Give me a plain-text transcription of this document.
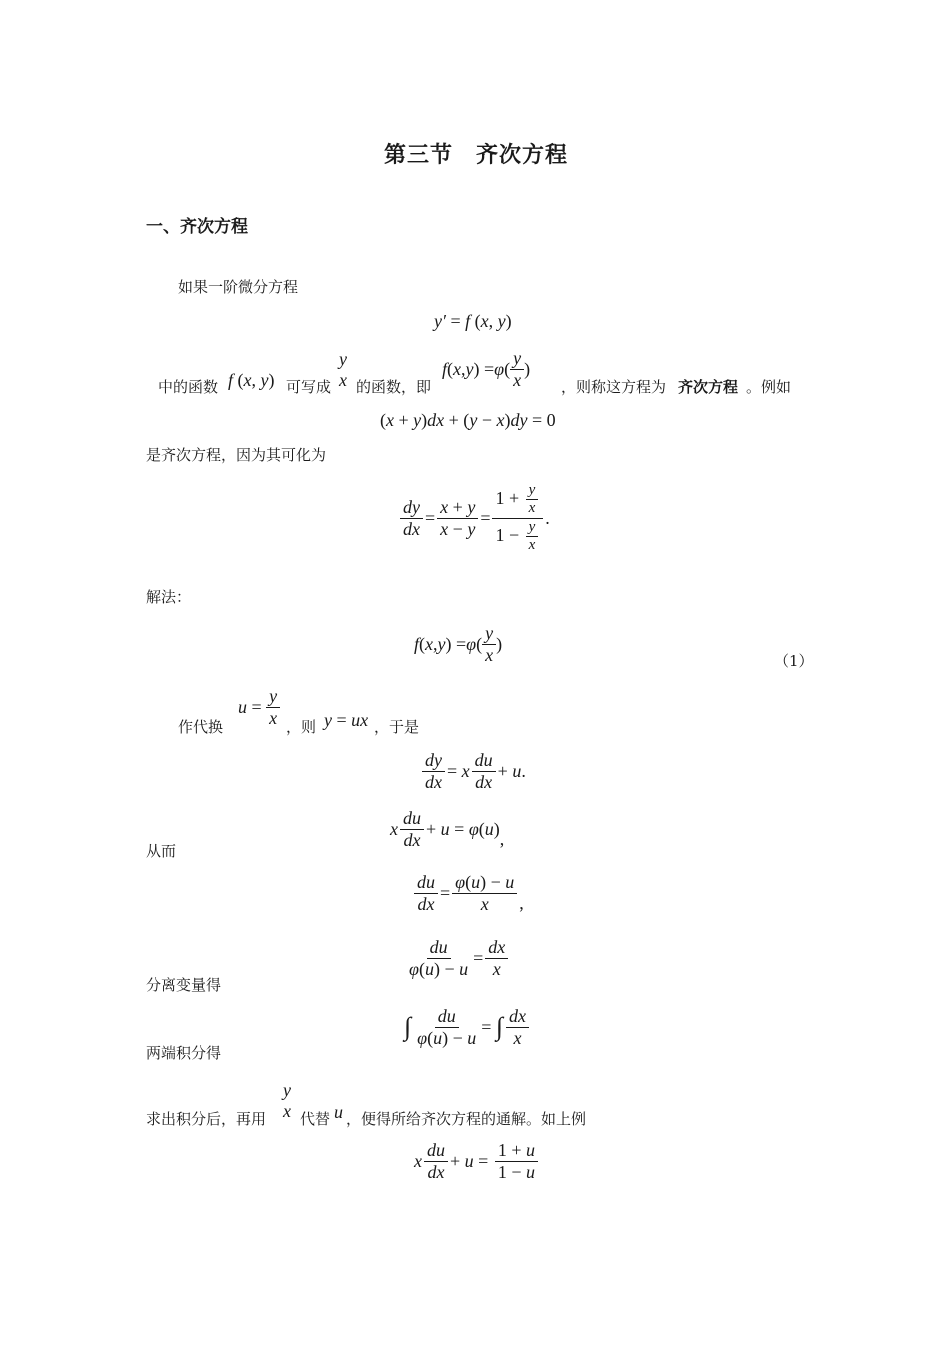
第三节　齐次方程
一、齐次方程
如果一阶微分方程
y′ = f (x, y)
中的函数 f (x, y) 可写成
y
x 的函数，即
f ( x , y ) = φ ( $\frac{y}{x}$ )
，则称这方程为 齐次方程 。例如
(x + y)dx + (y − x)dy = 0
是齐次方程，因为其可化为
$\frac{dy}{dx} = \frac{x + y}{x - y} = \frac{1 + \frac{y}{x}}{1 - \frac{y}{x}}$ .
解法：
f ( x , y ) = φ ( $\frac{y}{x}$ )
（1）
作代换
$u = \frac{y}{x}$ ，则 y = ux ，于是
$\frac{dy}{dx} = x \frac{du}{dx} + u$ .
从而
x $\frac{du}{dx} + u = \varphi$ ( u )
,
$\frac{du}{dx} = \frac{\varphi(u) - u}{x}$ ,
分离变量得
$\frac{du}{\varphi(u) - u} = \frac{dx}{x}$
两端积分得
∫ $\frac{du}{\varphi(u) - u}$ =
∫ $\frac{dx}{x}$
求出积分后，再用
y
x 代替 u ，便得所给齐次方程的通解。如上例
x $\frac{du}{dx} + u = \frac{1 + u}{1 - u}$
